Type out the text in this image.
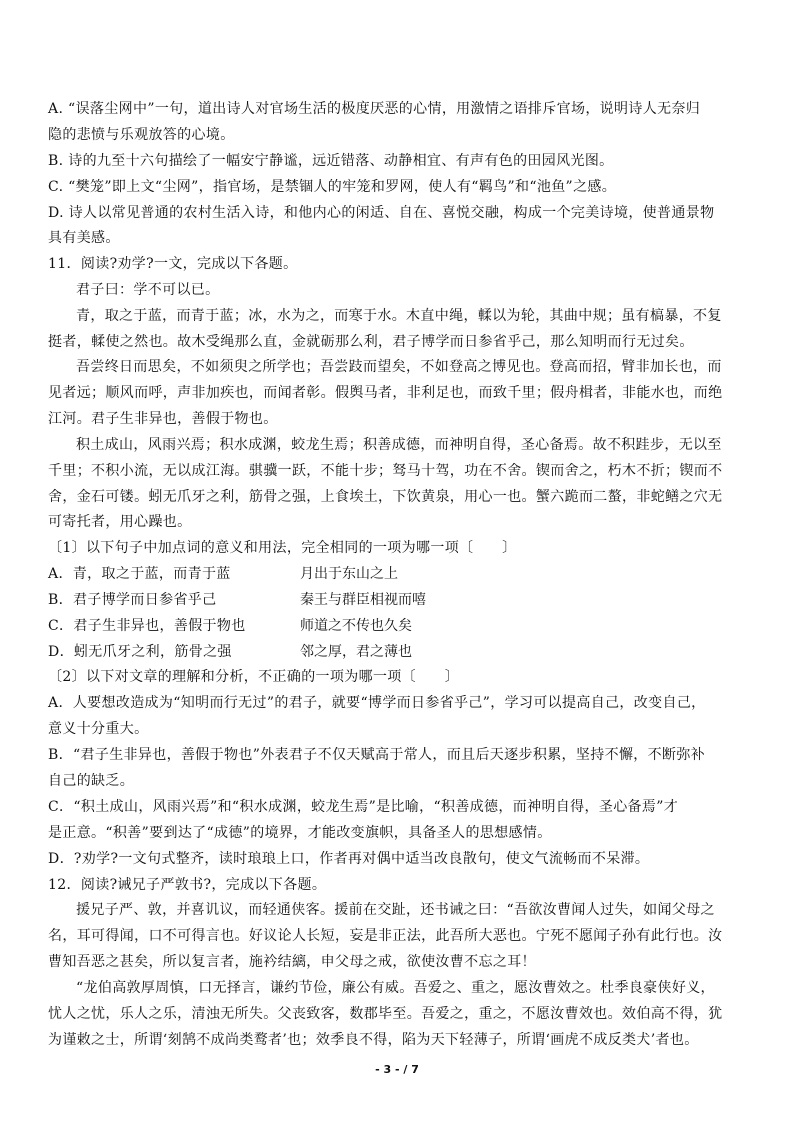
A. “误落尘网中”一句，道出诗人对官场生活的极度厌恶的心情，用激情之语排斥官场，说明诗人无奈归
隐的悲愤与乐观放答的心境。
B. 诗的九至十六句描绘了一幅安宁静谧，远近错落、动静相宜、有声有色的田园风光图。
C. “樊笼”即上文“尘网”，指官场，是禁锢人的牢笼和罗网，使人有“羁鸟”和“池鱼”之感。
D. 诗人以常见普通的农村生活入诗，和他内心的闲适、自在、喜悦交融，构成一个完美诗境，使普通景物
具有美感。
11．阅读?劝学?一文，完成以下各题。
君子曰：学不可以已。
青，取之于蓝，而青于蓝；冰，水为之，而寒于水。木直中绳，輮以为轮，其曲中规；虽有槁暴，不复
挺者，輮使之然也。故木受绳那么直，金就砺那么利，君子博学而日参省乎己，那么知明而行无过矣。
吾尝终日而思矣，不如须臾之所学也；吾尝跂而望矣，不如登高之博见也。登高而招，臂非加长也，而
见者远；顺风而呼，声非加疾也，而闻者彰。假舆马者，非利足也，而致千里；假舟楫者，非能水也，而绝
江河。君子生非异也，善假于物也。
积土成山，风雨兴焉；积水成渊，蛟龙生焉；积善成德，而神明自得，圣心备焉。故不积跬步，无以至
千里；不积小流，无以成江海。骐骥一跃，不能十步；驽马十驾，功在不舍。锲而舍之，朽木不折；锲而不
舍，金石可镂。蚓无爪牙之利，筋骨之强，上食埃土，下饮黄泉，用心一也。蟹六跪而二螯，非蛇鳝之穴无
可寄托者，用心躁也。
〔1〕以下句子中加点词的意义和用法，完全相同的一项为哪一项〔　　〕
A．青，取之于蓝，而青于蓝	月出于东山之上
B．君子博学而日参省乎己	秦王与群臣相视而嘻
C．君子生非异也，善假于物也	师道之不传也久矣
D．蚓无爪牙之利，筋骨之强	邻之厚，君之薄也
〔2〕以下对文章的理解和分析，不正确的一项为哪一项〔　　〕
A．人要想改造成为“知明而行无过”的君子，就要“博学而日参省乎己”，学习可以提高自己，改变自己，
意义十分重大。
B．“君子生非异也，善假于物也”外表君子不仅天赋高于常人，而且后天逐步积累，坚持不懈，不断弥补
自己的缺乏。
C．“积土成山，风雨兴焉”和“积水成渊，蛟龙生焉”是比喻，“积善成德，而神明自得，圣心备焉”才
是正意。“积善”要到达了“成德”的境界，才能改变旗帜，具备圣人的思想感情。
D．?劝学?一文句式整齐，读时琅琅上口，作者再对偶中适当改良散句，使文气流畅而不呆滞。
12．阅读?诫兄子严敦书?，完成以下各题。
援兄子严、敦，并喜讥议，而轻通侠客。援前在交趾，还书诫之曰：“吾欲汝曹闻人过失，如闻父母之
名，耳可得闻，口不可得言也。好议论人长短，妄是非正法，此吾所大恶也。宁死不愿闻子孙有此行也。汝
曹知吾恶之甚矣，所以复言者，施衿结縭，申父母之戒，欲使汝曹不忘之耳！
“龙伯高敦厚周慎，口无择言，谦约节俭，廉公有威。吾爱之、重之，愿汝曹效之。杜季良豪侠好义，
忧人之忧，乐人之乐，清浊无所失。父丧致客，数郡毕至。吾爱之，重之，不愿汝曹效也。效伯高不得，犹
为谨敕之士，所谓‘刻鹄不成尚类鹜者’也；效季良不得，陷为天下轻薄子，所谓‘画虎不成反类犬’者也。
- 3 - / 7
